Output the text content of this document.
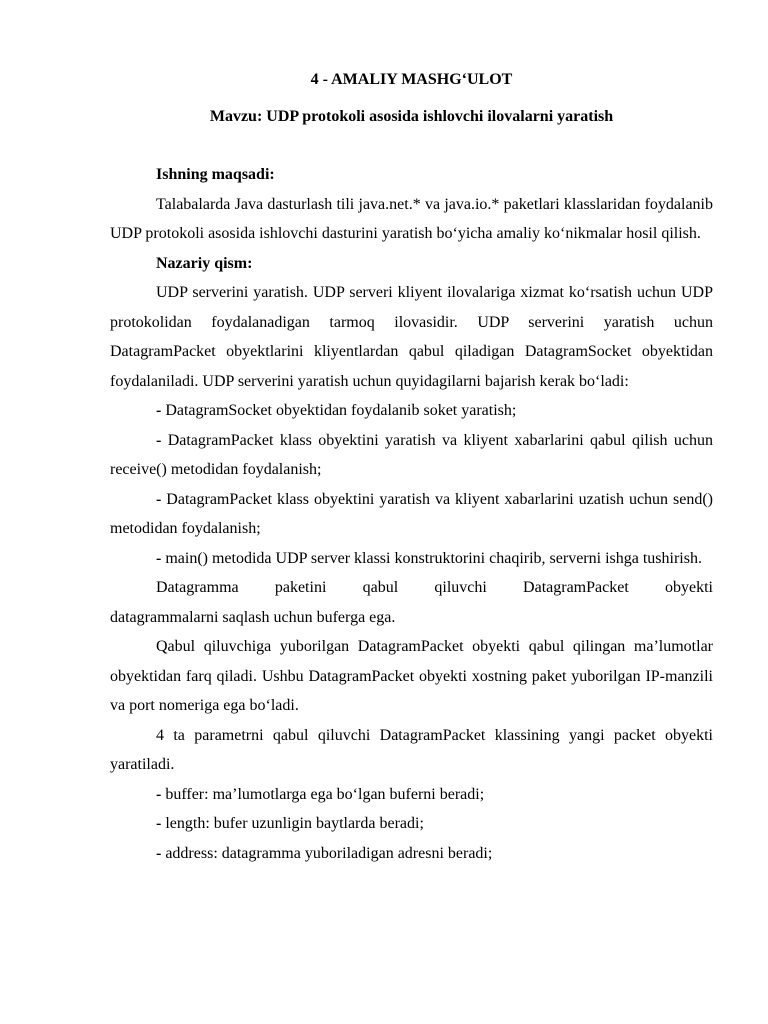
4 - AMALIY MASHG‘ULOT

Mavzu: UDP protokoli asosida ishlovchi ilovalarni yaratish

Ishning maqsadi:

Talabalarda Java dasturlash tili java.net.* va java.io.* paketlari klasslaridan foydalanib UDP protokoli asosida ishlovchi dasturini yaratish bo‘yicha amaliy ko‘nikmalar hosil qilish.

Nazariy qism:

UDP serverini yaratish. UDP serveri kliyent ilovalariga xizmat ko‘rsatish uchun UDP protokolidan foydalanadigan tarmoq ilovasidir. UDP serverini yaratish uchun DatagramPacket obyektlarini kliyentlardan qabul qiladigan DatagramSocket obyektidan foydalaniladi. UDP serverini yaratish uchun quyidagilarni bajarish kerak bo‘ladi:

- DatagramSocket obyektidan foydalanib soket yaratish;

- DatagramPacket klass obyektini yaratish va kliyent xabarlarini qabul qilish uchun receive() metodidan foydalanish;

- DatagramPacket klass obyektini yaratish va kliyent xabarlarini uzatish uchun send() metodidan foydalanish;

- main() metodida UDP server klassi konstruktorini chaqirib, serverni ishga tushirish.

Datagramma paketini qabul qiluvchi DatagramPacket obyekti

datagrammalarni saqlash uchun buferga ega.

Qabul qiluvchiga yuborilgan DatagramPacket obyekti qabul qilingan ma’lumotlar obyektidan farq qiladi. Ushbu DatagramPacket obyekti xostning paket yuborilgan IP-manzili va port nomeriga ega bo‘ladi.

4 ta parametrni qabul qiluvchi DatagramPacket klassining yangi packet obyekti yaratiladi.

- buffer: ma’lumotlarga ega bo‘lgan buferni beradi;

- length: bufer uzunligin baytlarda beradi;

- address: datagramma yuboriladigan adresni beradi;
